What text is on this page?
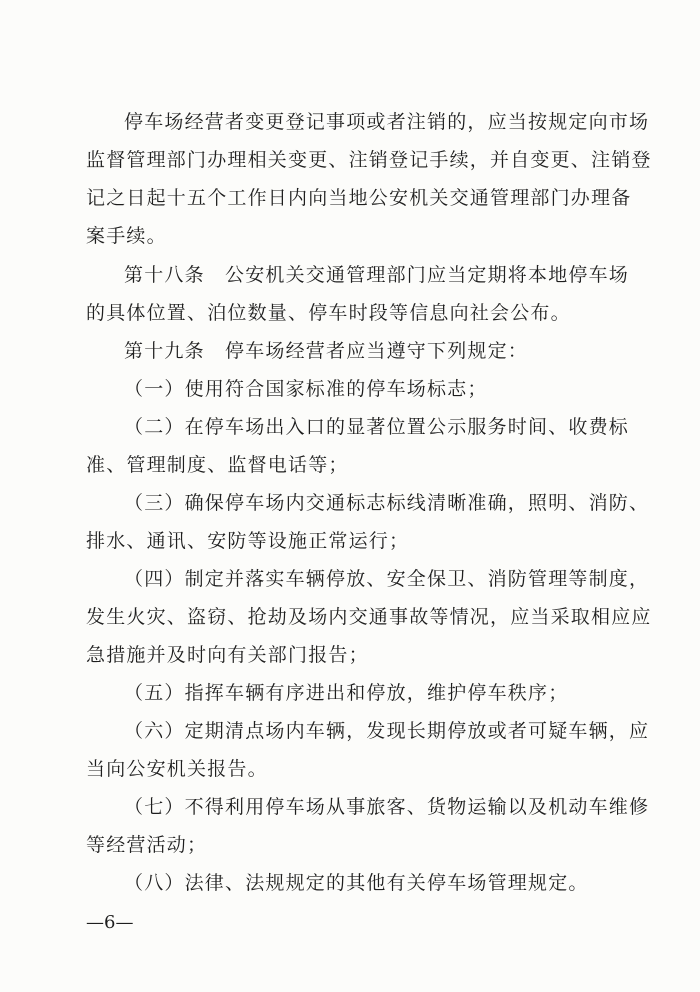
停车场经营者变更登记事项或者注销的，应当按规定向市场
监督管理部门办理相关变更、注销登记手续，并自变更、注销登
记之日起十五个工作日内向当地公安机关交通管理部门办理备
案手续。
第十八条　公安机关交通管理部门应当定期将本地停车场
的具体位置、泊位数量、停车时段等信息向社会公布。
第十九条　停车场经营者应当遵守下列规定：
（一）使用符合国家标准的停车场标志；
（二）在停车场出入口的显著位置公示服务时间、收费标
准、管理制度、监督电话等；
（三）确保停车场内交通标志标线清晰准确，照明、消防、
排水、通讯、安防等设施正常运行；
（四）制定并落实车辆停放、安全保卫、消防管理等制度，
发生火灾、盗窃、抢劫及场内交通事故等情况，应当采取相应应
急措施并及时向有关部门报告；
（五）指挥车辆有序进出和停放，维护停车秩序；
（六）定期清点场内车辆，发现长期停放或者可疑车辆，应
当向公安机关报告。
（七）不得利用停车场从事旅客、货物运输以及机动车维修
等经营活动；
（八）法律、法规规定的其他有关停车场管理规定。
—6—
